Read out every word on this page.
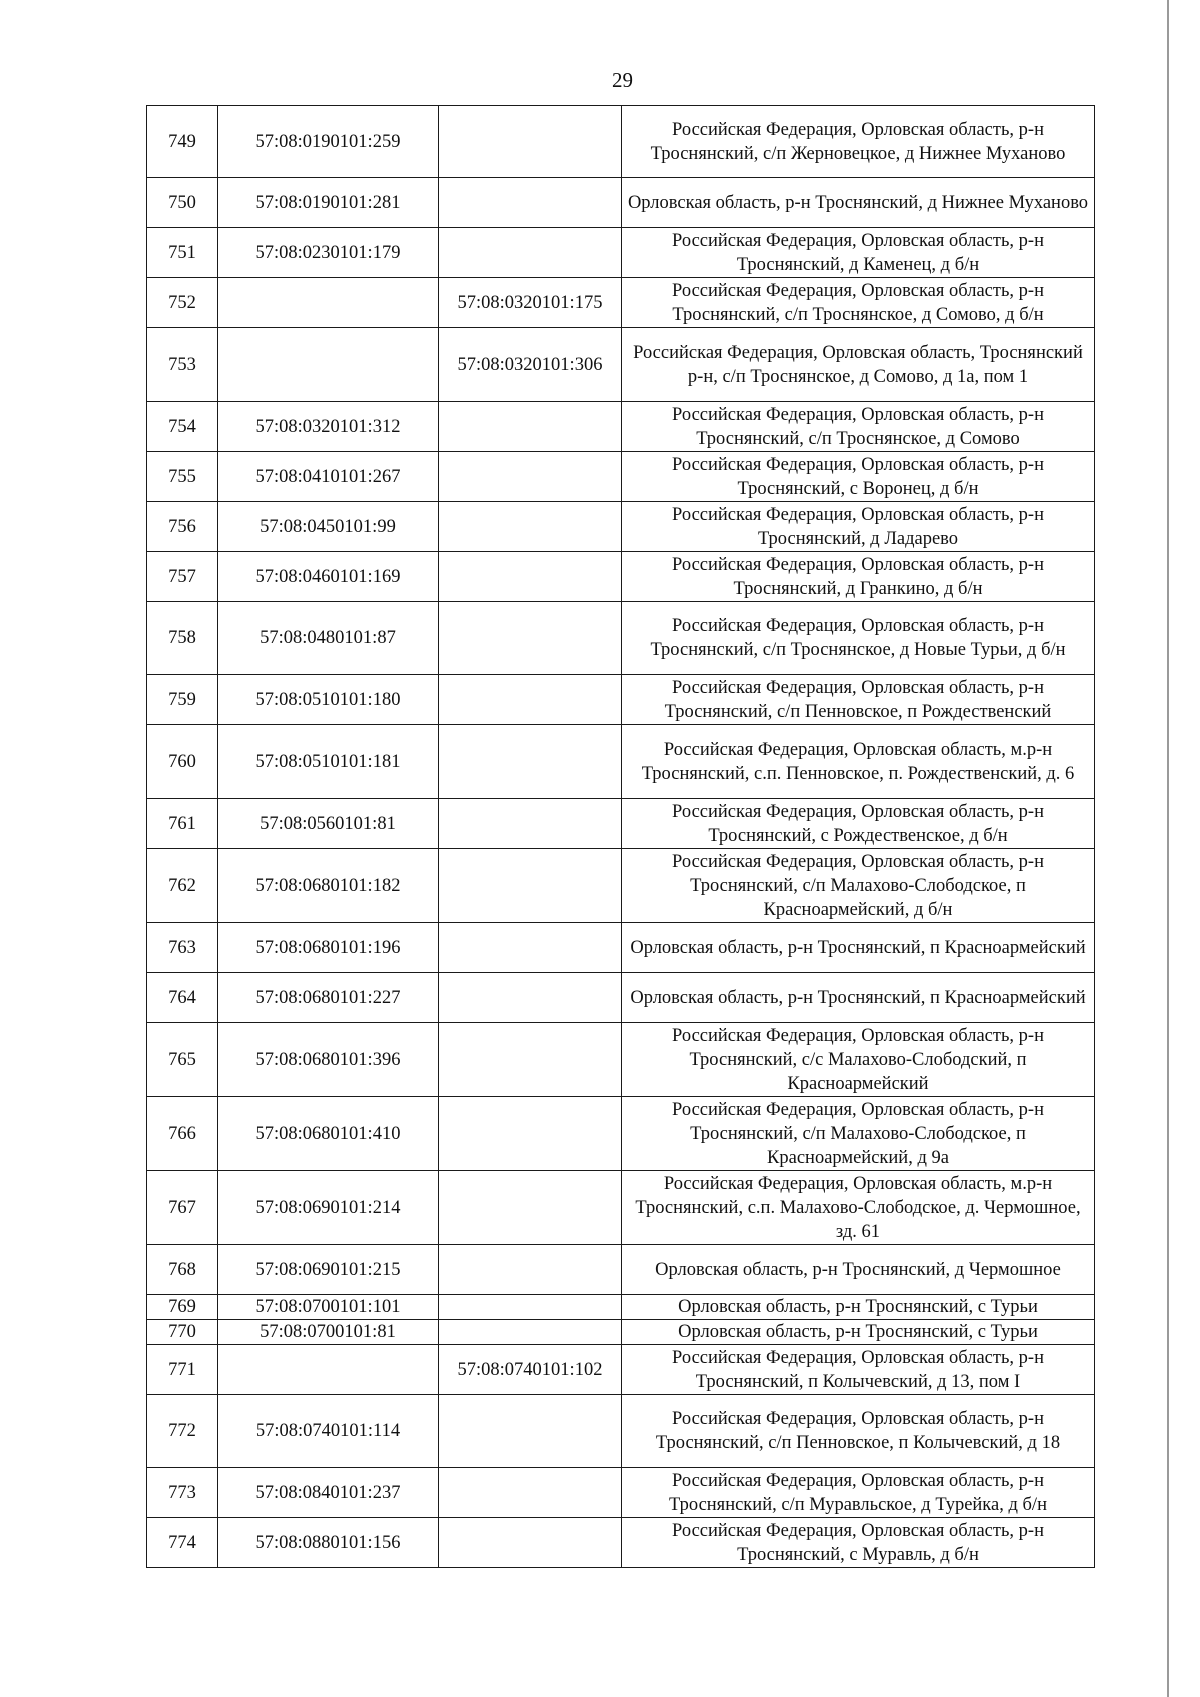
29
749	57:08:0190101:259		Российская Федерация, Орловская область, р-н Троснянский, с/п Жерновецкое, д Нижнее Муханово
750	57:08:0190101:281		Орловская область, р-н Троснянский, д Нижнее Муханово
751	57:08:0230101:179		Российская Федерация, Орловская область, р-н Троснянский, д Каменец, д б/н
752		57:08:0320101:175	Российская Федерация, Орловская область, р-н Троснянский, с/п Троснянское, д Сомово, д б/н
753		57:08:0320101:306	Российская Федерация, Орловская область, Троснянский р-н, с/п Троснянское, д Сомово, д 1а, пом 1
754	57:08:0320101:312		Российская Федерация, Орловская область, р-н Троснянский, с/п Троснянское, д Сомово
755	57:08:0410101:267		Российская Федерация, Орловская область, р-н Троснянский, с Воронец, д б/н
756	57:08:0450101:99		Российская Федерация, Орловская область, р-н Троснянский, д Ладарево
757	57:08:0460101:169		Российская Федерация, Орловская область, р-н Троснянский, д Гранкино, д б/н
758	57:08:0480101:87		Российская Федерация, Орловская область, р-н Троснянский, с/п Троснянское, д Новые Турьи, д б/н
759	57:08:0510101:180		Российская Федерация, Орловская область, р-н Троснянский, с/п Пенновское, п Рождественский
760	57:08:0510101:181		Российская Федерация, Орловская область, м.р-н Троснянский, с.п. Пенновское, п. Рождественский, д. 6
761	57:08:0560101:81		Российская Федерация, Орловская область, р-н Троснянский, с Рождественское, д б/н
762	57:08:0680101:182		Российская Федерация, Орловская область, р-н Троснянский, с/п Малахово-Слободское, п Красноармейский, д б/н
763	57:08:0680101:196		Орловская область, р-н Троснянский, п Красноармейский
764	57:08:0680101:227		Орловская область, р-н Троснянский, п Красноармейский
765	57:08:0680101:396		Российская Федерация, Орловская область, р-н Троснянский, с/с Малахово-Слободский, п Красноармейский
766	57:08:0680101:410		Российская Федерация, Орловская область, р-н Троснянский, с/п Малахово-Слободское, п Красноармейский, д 9а
767	57:08:0690101:214		Российская Федерация, Орловская область, м.р-н Троснянский, с.п. Малахово-Слободское, д. Чермошное, зд. 61
768	57:08:0690101:215		Орловская область, р-н Троснянский, д Чермошное
769	57:08:0700101:101		Орловская область, р-н Троснянский, с Турьи
770	57:08:0700101:81		Орловская область, р-н Троснянский, с Турьи
771		57:08:0740101:102	Российская Федерация, Орловская область, р-н Троснянский, п Колычевский, д 13, пом I
772	57:08:0740101:114		Российская Федерация, Орловская область, р-н Троснянский, с/п Пенновское, п Колычевский, д 18
773	57:08:0840101:237		Российская Федерация, Орловская область, р-н Троснянский, с/п Муравльское, д Турейка, д б/н
774	57:08:0880101:156		Российская Федерация, Орловская область, р-н Троснянский, с Муравль, д б/н
